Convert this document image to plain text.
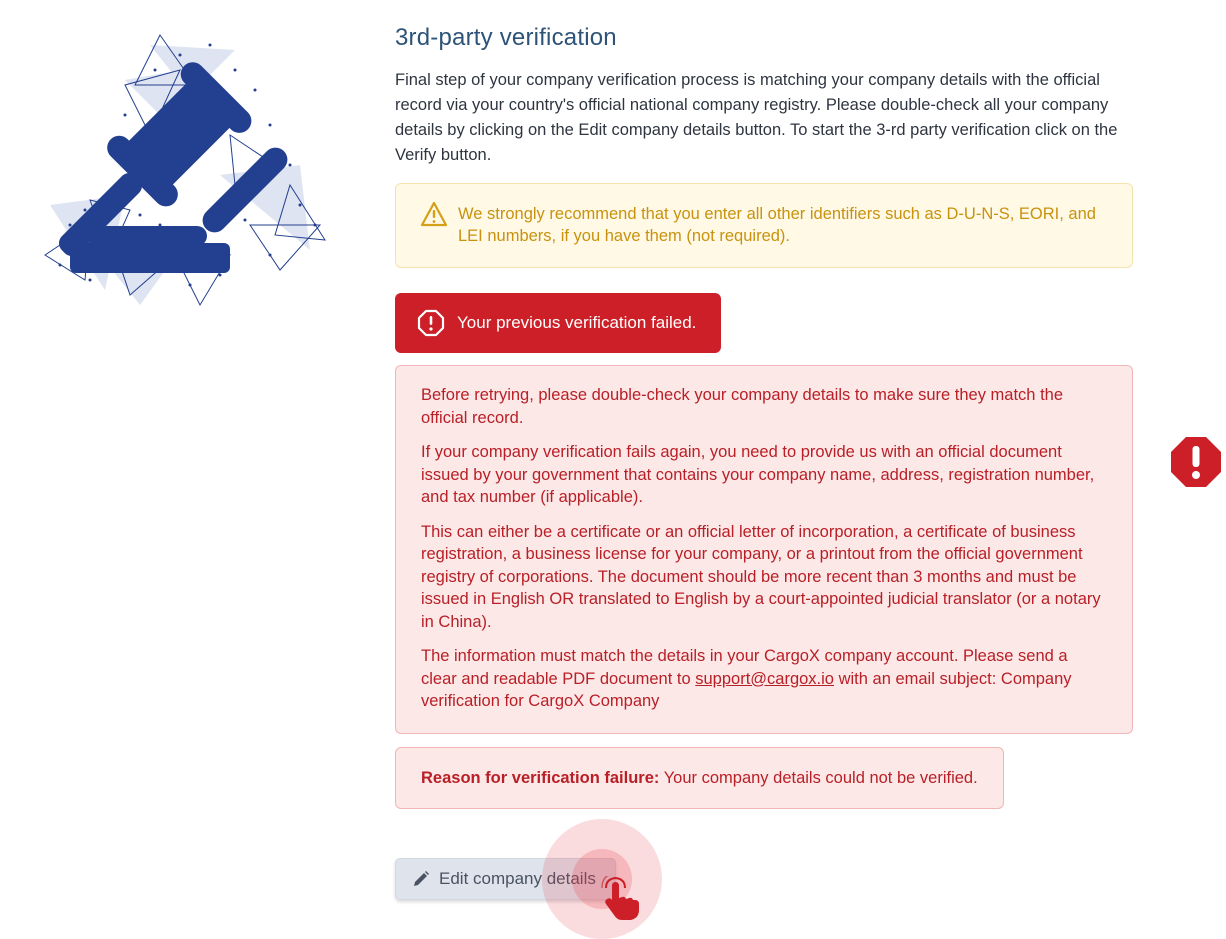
3rd-party verification

Final step of your company verification process is matching your company details with the official record via your country's official national company registry. Please double-check all your company details by clicking on the Edit company details button. To start the 3-rd party verification click on the Verify button.

We strongly recommend that you enter all other identifiers such as D-U-N-S, EORI, and LEI numbers, if you have them (not required).
Your previous verification failed.

Before retrying, please double-check your company details to make sure they match the official record.

If your company verification fails again, you need to provide us with an official document issued by your government that contains your company name, address, registration number, and tax number (if applicable).

This can either be a certificate or an official letter of incorporation, a certificate of business registration, a business license for your company, or a printout from the official government registry of corporations. The document should be more recent than 3 months and must be issued in English OR translated to English by a court-appointed judicial translator (or a notary in China).

The information must match the details in your CargoX company account. Please send a clear and readable PDF document to support@cargox.io with an email subject: Company verification for CargoX Company

Reason for verification failure: Your company details could not be verified.
Edit company details
